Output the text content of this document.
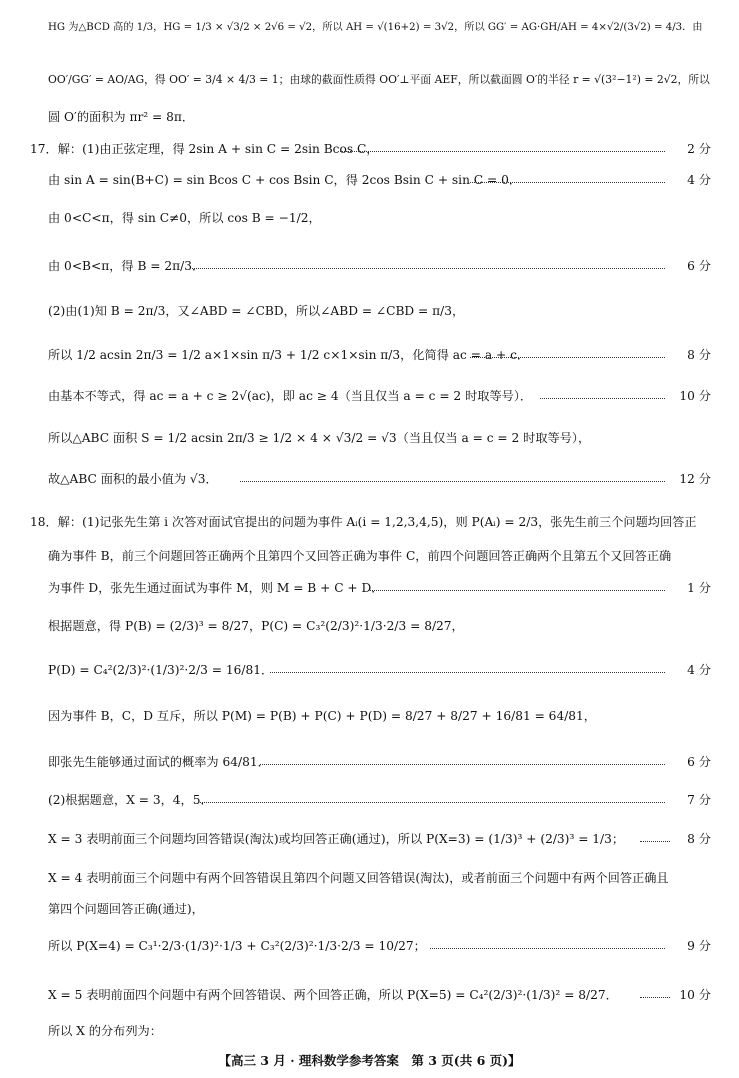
HG 为△BCD 高的 1/3，HG = 1/3 × √3/2 × 2√6 = √2，所以 AH = √(16+2) = 3√2，所以 GG′ = AG·GH/AH = 4×√2/(3√2) = 4/3．由
OO′/GG′ = AO/AG，得 OO′ = 3/4 × 4/3 = 1；由球的截面性质得 OO′⊥平面 AEF，所以截面圆 O′的半径 r = √(3²−1²) = 2√2，所以
圆 O′的面积为 πr² = 8π．
17．解：(1)由正弦定理，得 2sin A + sin C = 2sin Bcos C，	2 分
由 sin A = sin(B+C) = sin Bcos C + cos Bsin C，得 2cos Bsin C + sin C = 0．	4 分
由 0<C<π，得 sin C≠0，所以 cos B = −1/2，
由 0<B<π，得 B = 2π/3．	6 分
(2)由(1)知 B = 2π/3，又∠ABD = ∠CBD，所以∠ABD = ∠CBD = π/3，
所以 1/2 acsin 2π/3 = 1/2 a×1×sin π/3 + 1/2 c×1×sin π/3，化简得 ac = a + c．	8 分
由基本不等式，得 ac = a + c ≥ 2√(ac)，即 ac ≥ 4（当且仅当 a = c = 2 时取等号）．	10 分
所以△ABC 面积 S = 1/2 acsin 2π/3 ≥ 1/2 × 4 × √3/2 = √3（当且仅当 a = c = 2 时取等号），
故△ABC 面积的最小值为 √3．	12 分
18．解：(1)记张先生第 i 次答对面试官提出的问题为事件 Aᵢ(i = 1,2,3,4,5)，则 P(Aᵢ) = 2/3，张先生前三个问题均回答正
确为事件 B，前三个问题回答正确两个且第四个又回答正确为事件 C，前四个问题回答正确两个且第五个又回答正确
为事件 D，张先生通过面试为事件 M，则 M = B + C + D．	1 分
根据题意，得 P(B) = (2/3)³ = 8/27，P(C) = C₃²(2/3)²·1/3·2/3 = 8/27，
P(D) = C₄²(2/3)²·(1/3)²·2/3 = 16/81．	4 分
因为事件 B，C，D 互斥，所以 P(M) = P(B) + P(C) + P(D) = 8/27 + 8/27 + 16/81 = 64/81，
即张先生能够通过面试的概率为 64/81．	6 分
(2)根据题意，X = 3，4，5．	7 分
X = 3 表明前面三个问题均回答错误(淘汰)或均回答正确(通过)，所以 P(X=3) = (1/3)³ + (2/3)³ = 1/3；	8 分
X = 4 表明前面三个问题中有两个回答错误且第四个问题又回答错误(淘汰)，或者前面三个问题中有两个回答正确且
第四个问题回答正确(通过)，
所以 P(X=4) = C₃¹·2/3·(1/3)²·1/3 + C₃²(2/3)²·1/3·2/3 = 10/27；	9 分
X = 5 表明前面四个问题中有两个回答错误、两个回答正确，所以 P(X=5) = C₄²(2/3)²·(1/3)² = 8/27．	10 分
所以 X 的分布列为：
【高三 3 月 · 理科数学参考答案　第 3 页(共 6 页)】
